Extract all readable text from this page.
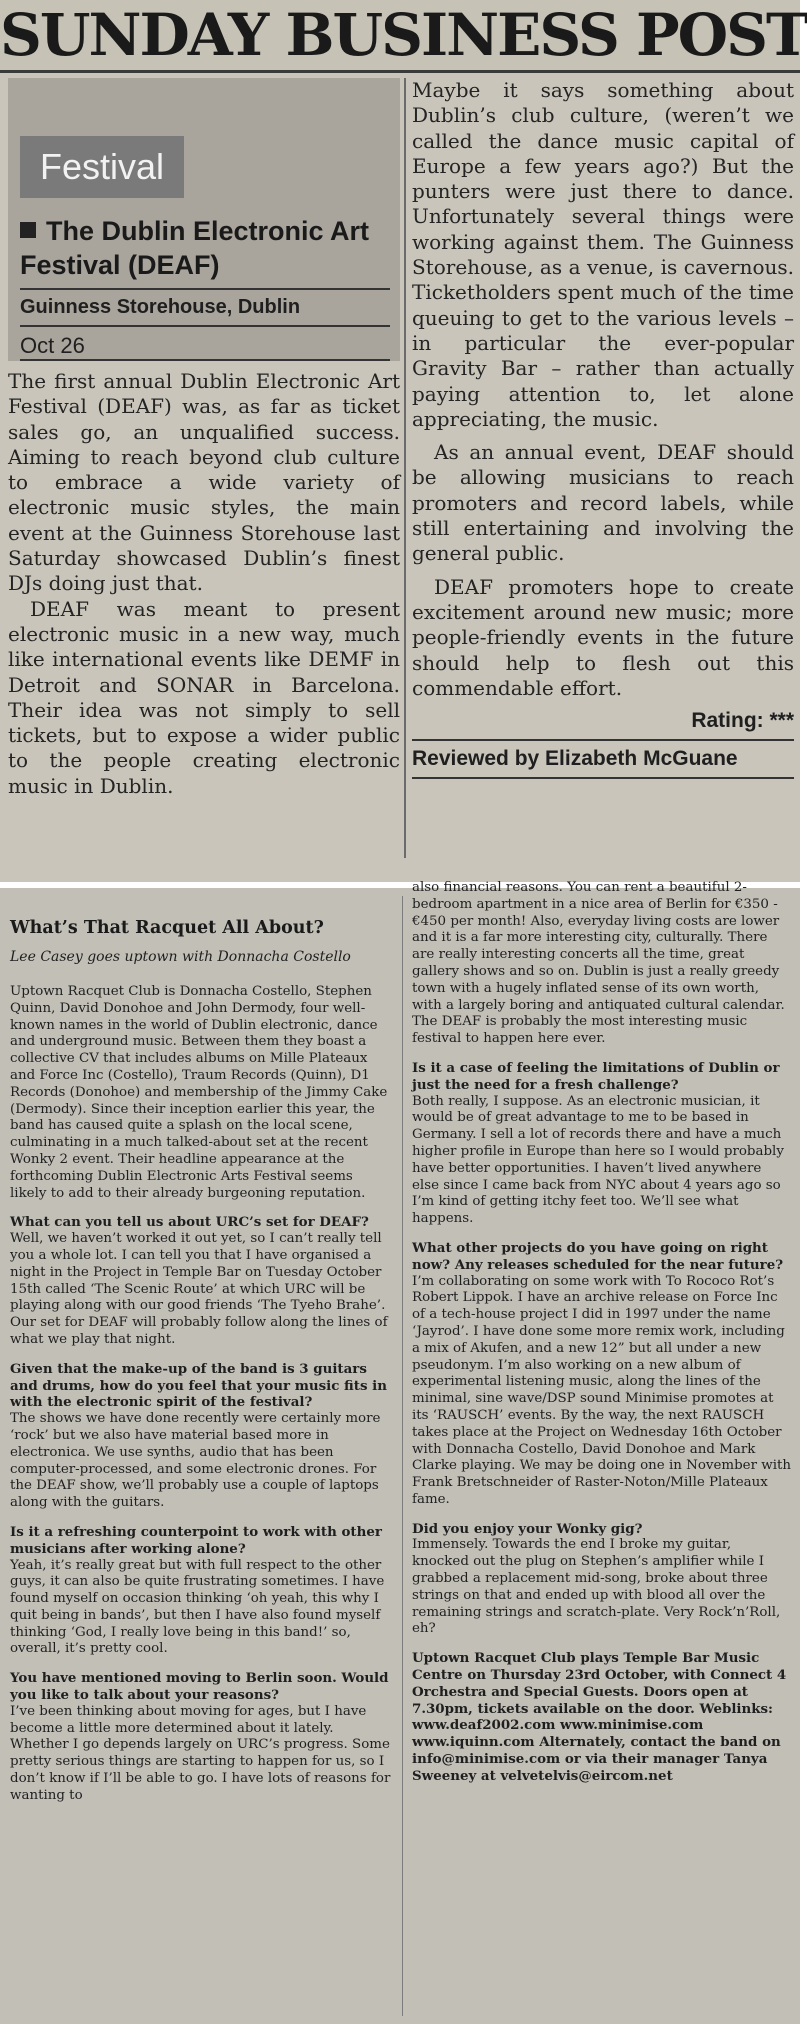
SUNDAY BUSINESS POST
Festival
The Dublin Electronic Art Festival (DEAF)
Guinness Storehouse, Dublin
Oct 26

The first annual Dublin Electronic Art Festival (DEAF) was, as far as ticket sales go, an unqualified success. Aiming to reach beyond club culture to embrace a wide variety of electronic music styles, the main event at the Guinness Storehouse last Saturday showcased Dublin’s finest DJs doing just that.

DEAF was meant to present electronic music in a new way, much like international events like DEMF in Detroit and SONAR in Barcelona. Their idea was not simply to sell tickets, but to expose a wider public to the people creating electronic music in Dublin.

Maybe it says something about Dublin’s club culture, (weren’t we called the dance music capital of Europe a few years ago?) But the punters were just there to dance. Unfortunately several things were working against them. The Guinness Storehouse, as a venue, is cavernous. Ticketholders spent much of the time queuing to get to the various levels – in particular the ever-popular Gravity Bar – rather than actually paying attention to, let alone appreciating, the music.

As an annual event, DEAF should be allowing musicians to reach promoters and record labels, while still entertaining and involving the general public.

DEAF promoters hope to create excitement around new music; more people-friendly events in the future should help to flesh out this commendable effort.

Rating: ***
Reviewed by Elizabeth McGuane
What’s That Racquet All About?
Lee Casey goes uptown with Donnacha Costello

Uptown Racquet Club is Donnacha Costello, Stephen Quinn, David Donohoe and John Dermody, four well-known names in the world of Dublin electronic, dance and underground music. Between them they boast a collective CV that includes albums on Mille Plateaux and Force Inc (Costello), Traum Records (Quinn), D1 Records (Donohoe) and membership of the Jimmy Cake (Dermody). Since their inception earlier this year, the band has caused quite a splash on the local scene, culminating in a much talked-about set at the recent Wonky 2 event. Their headline appearance at the forthcoming Dublin Electronic Arts Festival seems likely to add to their already burgeoning reputation.

What can you tell us about URC’s set for DEAF?

Well, we haven’t worked it out yet, so I can’t really tell you a whole lot. I can tell you that I have organised a night in the Project in Temple Bar on Tuesday October 15th called ‘The Scenic Route’ at which URC will be playing along with our good friends ‘The Tyeho Brahe’. Our set for DEAF will probably follow along the lines of what we play that night.

Given that the make-up of the band is 3 guitars and drums, how do you feel that your music fits in with the electronic spirit of the festival?

The shows we have done recently were certainly more ‘rock’ but we also have material based more in electronica. We use synths, audio that has been computer-processed, and some electronic drones. For the DEAF show, we’ll probably use a couple of laptops along with the guitars.

Is it a refreshing counterpoint to work with other musicians after working alone?

Yeah, it’s really great but with full respect to the other guys, it can also be quite frustrating sometimes. I have found myself on occasion thinking ‘oh yeah, this why I quit being in bands’, but then I have also found myself thinking ‘God, I really love being in this band!’ so, overall, it’s pretty cool.

You have mentioned moving to Berlin soon. Would you like to talk about your reasons?

I’ve been thinking about moving for ages, but I have become a little more determined about it lately. Whether I go depends largely on URC’s progress. Some pretty serious things are starting to happen for us, so I don’t know if I’ll be able to go. I have lots of reasons for wanting to

also financial reasons. You can rent a beautiful 2-bedroom apartment in a nice area of Berlin for €350 - €450 per month! Also, everyday living costs are lower and it is a far more interesting city, culturally. There are really interesting concerts all the time, great gallery shows and so on. Dublin is just a really greedy town with a hugely inflated sense of its own worth, with a largely boring and antiquated cultural calendar. The DEAF is probably the most interesting music festival to happen here ever.

Is it a case of feeling the limitations of Dublin or just the need for a fresh challenge?

Both really, I suppose. As an electronic musician, it would be of great advantage to me to be based in Germany. I sell a lot of records there and have a much higher profile in Europe than here so I would probably have better opportunities. I haven’t lived anywhere else since I came back from NYC about 4 years ago so I’m kind of getting itchy feet too. We’ll see what happens.

What other projects do you have going on right now? Any releases scheduled for the near future?

I’m collaborating on some work with To Rococo Rot’s Robert Lippok. I have an archive release on Force Inc of a tech-house project I did in 1997 under the name ‘Jayrod’. I have done some more remix work, including a mix of Akufen, and a new 12” but all under a new pseudonym. I’m also working on a new album of experimental listening music, along the lines of the minimal, sine wave/DSP sound Minimise promotes at its ‘RAUSCH’ events. By the way, the next RAUSCH takes place at the Project on Wednesday 16th October with Donnacha Costello, David Donohoe and Mark Clarke playing. We may be doing one in November with Frank Bretschneider of Raster-Noton/Mille Plateaux fame.

Did you enjoy your Wonky gig?

Immensely. Towards the end I broke my guitar, knocked out the plug on Stephen’s amplifier while I grabbed a replacement mid-song, broke about three strings on that and ended up with blood all over the remaining strings and scratch-plate. Very Rock’n’Roll, eh?

Uptown Racquet Club plays Temple Bar Music Centre on Thursday 23rd October, with Connect 4 Orchestra and Special Guests. Doors open at 7.30pm, tickets available on the door. Weblinks: www.deaf2002.com www.minimise.com www.iquinn.com Alternately, contact the band on info@minimise.com or via their manager Tanya Sweeney at velvetelvis@eircom.net
